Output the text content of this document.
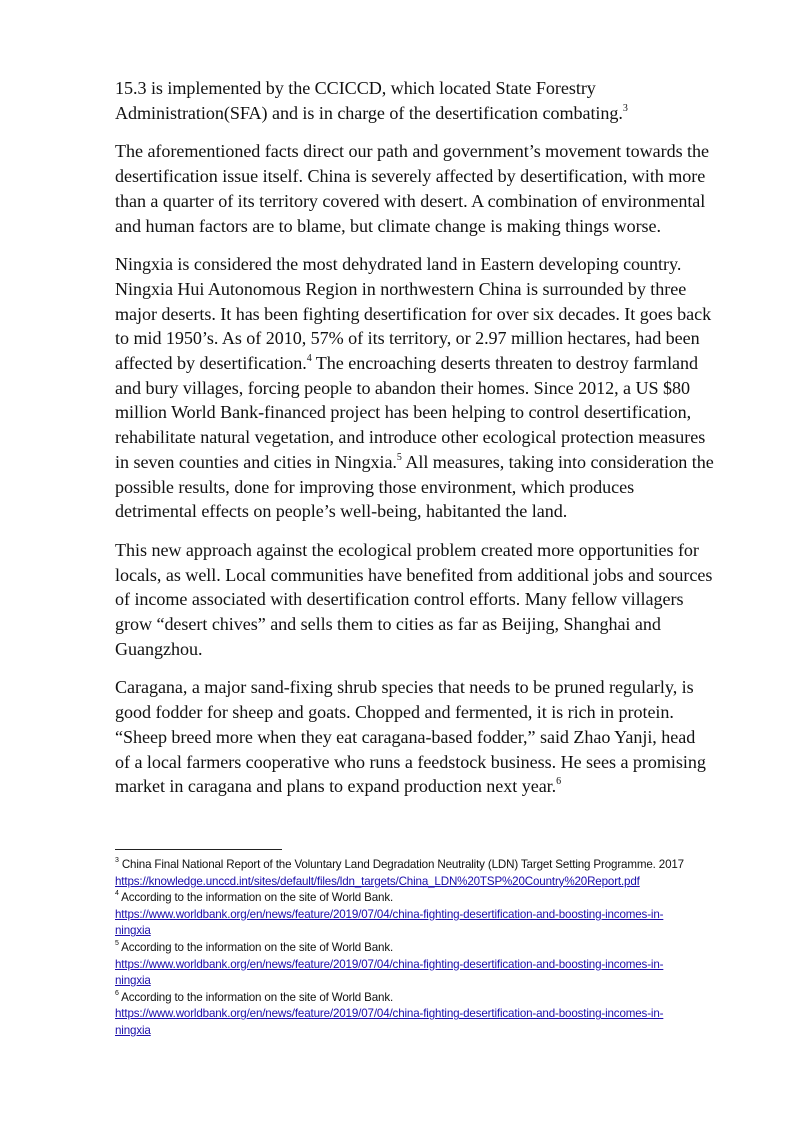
15.3 is implemented by the CCICCD, which located State Forestry
Administration(SFA) and is in charge of the desertification combating.$^3$

The aforementioned facts direct our path and government’s movement towards the
desertification issue itself. China is severely affected by desertification, with more
than a quarter of its territory covered with desert. A combination of environmental
and human factors are to blame, but climate change is making things worse.

Ningxia is considered the most dehydrated land in Eastern developing country.
Ningxia Hui Autonomous Region in northwestern China is surrounded by three
major deserts. It has been fighting desertification for over six decades. It goes back
to mid 1950’s. As of 2010, 57% of its territory, or 2.97 million hectares, had been
affected by desertification.$^4$ The encroaching deserts threaten to destroy farmland
and bury villages, forcing people to abandon their homes. Since 2012, a US $80
million World Bank-financed project has been helping to control desertification,
rehabilitate natural vegetation, and introduce other ecological protection measures
in seven counties and cities in Ningxia.$^5$ All measures, taking into consideration the
possible results, done for improving those environment, which produces
detrimental effects on people’s well-being, habitanted the land.

This new approach against the ecological problem created more opportunities for
locals, as well. Local communities have benefited from additional jobs and sources
of income associated with desertification control efforts. Many fellow villagers
grow “desert chives” and sells them to cities as far as Beijing, Shanghai and
Guangzhou.

Caragana, a major sand-fixing shrub species that needs to be pruned regularly, is
good fodder for sheep and goats. Chopped and fermented, it is rich in protein.
“Sheep breed more when they eat caragana-based fodder,” said Zhao Yanji, head
of a local farmers cooperative who runs a feedstock business. He sees a promising
market in caragana and plans to expand production next year.$^6$

$^3$ China Final National Report of the Voluntary Land Degradation Neutrality (LDN) Target Setting Programme. 2017
https://knowledge.unccd.int/sites/default/files/ldn_targets/China_LDN%20TSP%20Country%20Report.pdf
$^4$ According to the information on the site of World Bank.
https://www.worldbank.org/en/news/feature/2019/07/04/china-fighting-desertification-and-boosting-incomes-in-
ningxia
$^5$ According to the information on the site of World Bank.
https://www.worldbank.org/en/news/feature/2019/07/04/china-fighting-desertification-and-boosting-incomes-in-
ningxia
$^6$ According to the information on the site of World Bank.
https://www.worldbank.org/en/news/feature/2019/07/04/china-fighting-desertification-and-boosting-incomes-in-
ningxia
